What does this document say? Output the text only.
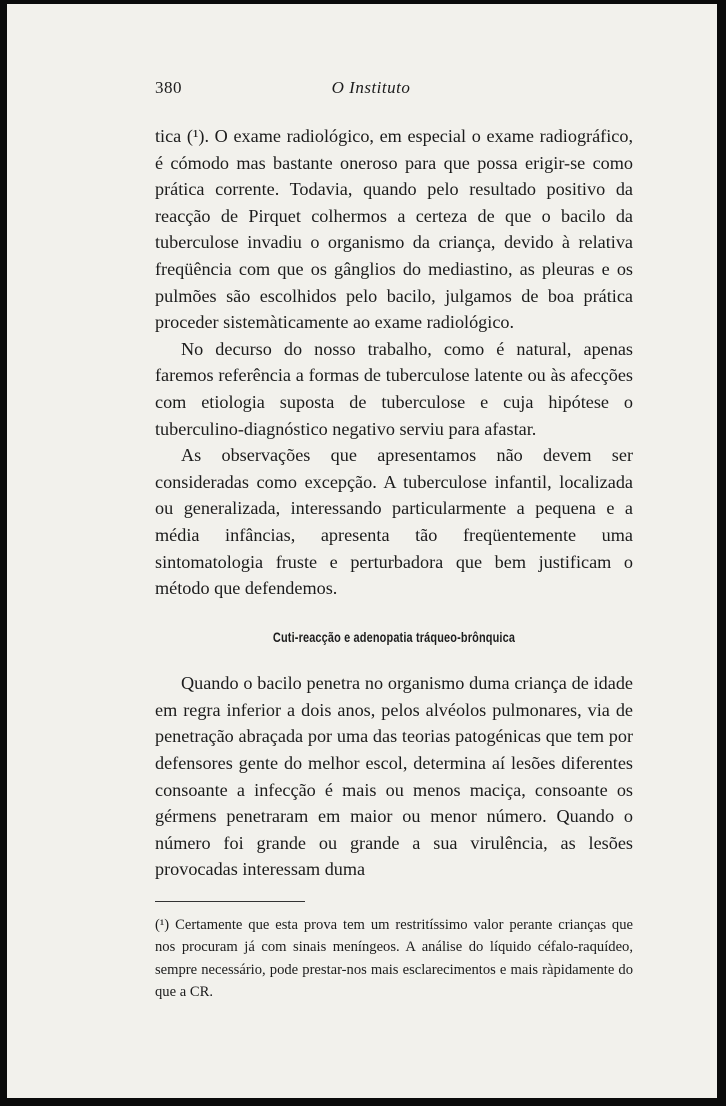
380	O Instituto

tica (¹). O exame radiológico, em especial o exame radiográfico, é cómodo mas bastante oneroso para que possa erigir-se como prática corrente. Todavia, quando pelo resultado positivo da reacção de Pirquet colhermos a certeza de que o bacilo da tuberculose invadiu o organismo da criança, devido à relativa freqüência com que os gânglios do mediastino, as pleuras e os pulmões são escolhidos pelo bacilo, julgamos de boa prática proceder sistemàticamente ao exame radiológico.

No decurso do nosso trabalho, como é natural, apenas faremos referência a formas de tuberculose latente ou às afecções com etiologia suposta de tuberculose e cuja hipótese o tuberculino-diagnóstico negativo serviu para afastar.

As observações que apresentamos não devem ser consideradas como excepção. A tuberculose infantil, localizada ou generalizada, interessando particularmente a pequena e a média infâncias, apresenta tão freqüentemente uma sintomatologia fruste e perturbadora que bem justificam o método que defendemos.

Cuti-reacção e adenopatia tráqueo-brônquica

Quando o bacilo penetra no organismo duma criança de idade em regra inferior a dois anos, pelos alvéolos pulmonares, via de penetração abraçada por uma das teorias patogénicas que tem por defensores gente do melhor escol, determina aí lesões diferentes consoante a infecção é mais ou menos maciça, consoante os gérmens penetraram em maior ou menor número. Quando o número foi grande ou grande a sua virulência, as lesões provocadas interessam duma

(¹) Certamente que esta prova tem um restritíssimo valor perante crianças que nos procuram já com sinais meníngeos. A análise do líquido céfalo-raquídeo, sempre necessário, pode prestar-nos mais esclarecimentos e mais ràpidamente do que a CR.
